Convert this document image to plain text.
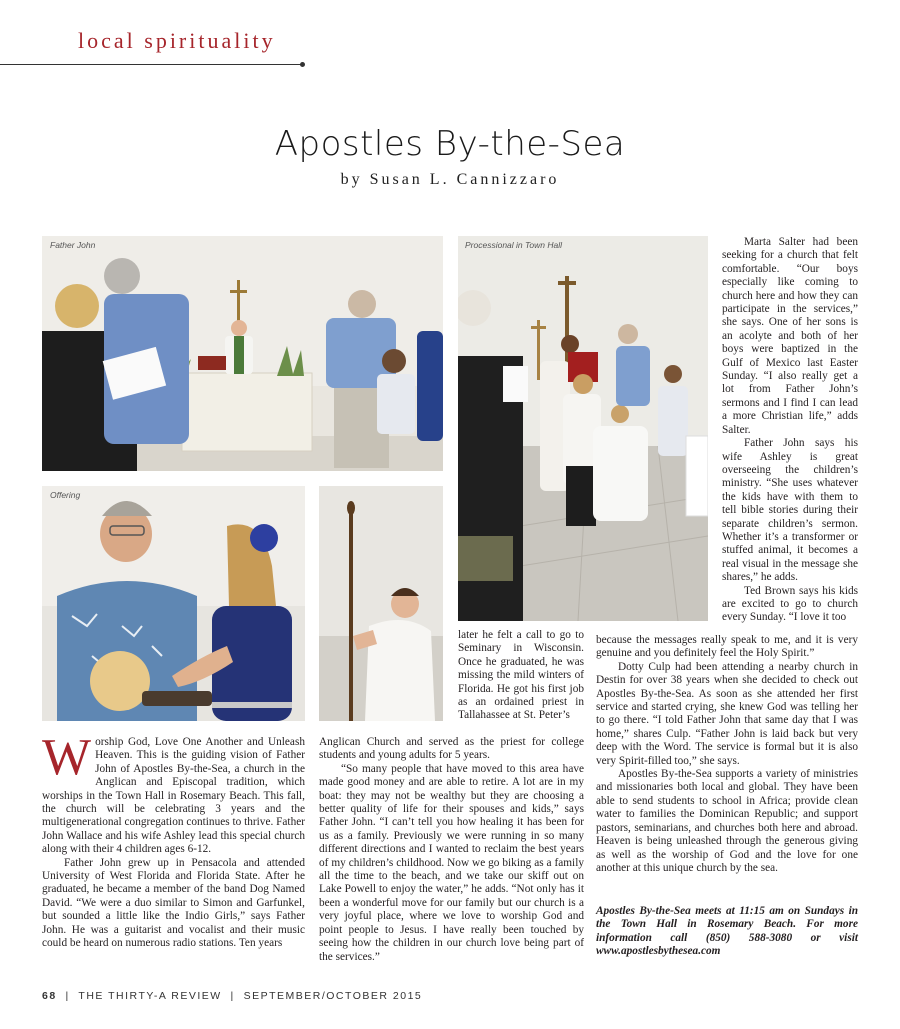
local spirituality
Apostles By-the-Sea
by Susan L. Cannizzaro
Father John	Processional in Town Hall
Offering

Worship God, Love One Another and Unleash Heaven. This is the guiding vision of Father John of Apostles By-the-Sea, a church in the Anglican and Episcopal tradition, which worships in the Town Hall in Rosemary Beach. This fall, the church will be celebrating 3 years and the multigenerational congregation continues to thrive. Father John Wallace and his wife Ashley lead this special church along with their 4 children ages 6-12.

Father John grew up in Pensacola and attended University of West Florida and Florida State. After he graduated, he became a member of the band Dog Named David. “We were a duo similar to Simon and Garfunkel, but sounded a little like the Indio Girls,” says Father John. He was a guitarist and vocalist and their music could be heard on numerous radio stations. Ten years

later he felt a call to go to Seminary in Wisconsin. Once he graduated, he was missing the mild winters of Florida. He got his first job as an ordained priest in Tallahassee at St. Peter’s

Anglican Church and served as the priest for college students and young adults for 5 years.

“So many people that have moved to this area have made good money and are able to retire. A lot are in my boat: they may not be wealthy but they are choosing a better quality of life for their spouses and kids,” says Father John. “I can’t tell you how healing it has been for us as a family. Previously we were running in so many different directions and I wanted to reclaim the best years of my children’s childhood. Now we go biking as a family all the time to the beach, and we take our skiff out on Lake Powell to enjoy the water,” he adds. “Not only has it been a wonderful move for our family but our church is a very joyful place, where we love to worship God and point people to Jesus. I have really been touched by seeing how the children in our church love being part of the services.”

Marta Salter had been seeking for a church that felt comfortable. “Our boys especially like coming to church here and how they can participate in the services,” she says. One of her sons is an acolyte and both of her boys were baptized in the Gulf of Mexico last Easter Sunday. “I also really get a lot from Father John’s sermons and I find I can lead a more Christian life,” adds Salter.

Father John says his wife Ashley is great overseeing the children’s ministry. “She uses whatever the kids have with them to tell bible stories during their separate children’s sermon. Whether it’s a transformer or stuffed animal, it becomes a real visual in the message she shares,” he adds.

Ted Brown says his kids are excited to go to church every Sunday. “I love it too

because the messages really speak to me, and it is very genuine and you definitely feel the Holy Spirit.”

Dotty Culp had been attending a nearby church in Destin for over 38 years when she decided to check out Apostles By-the-Sea. As soon as she attended her first service and started crying, she knew God was telling her to go there. “I told Father John that same day that I was home,” shares Culp. “Father John is laid back but very deep with the Word. The service is formal but it is also very Spirit-filled too,” she says.

Apostles By-the-Sea supports a variety of ministries and missionaries both local and global. They have been able to send students to school in Africa; provide clean water to families the Dominican Republic; and support pastors, seminarians, and churches both here and abroad. Heaven is being unleashed through the generous giving as well as the worship of God and the love for one another at this unique church by the sea.

Apostles By-the-Sea meets at 11:15 am on Sundays in the Town Hall in Rosemary Beach. For more information call (850) 588-3080 or visit www.apostlesbythesea.com
68  |  THE THIRTY-A REVIEW  |  SEPTEMBER/OCTOBER 2015
